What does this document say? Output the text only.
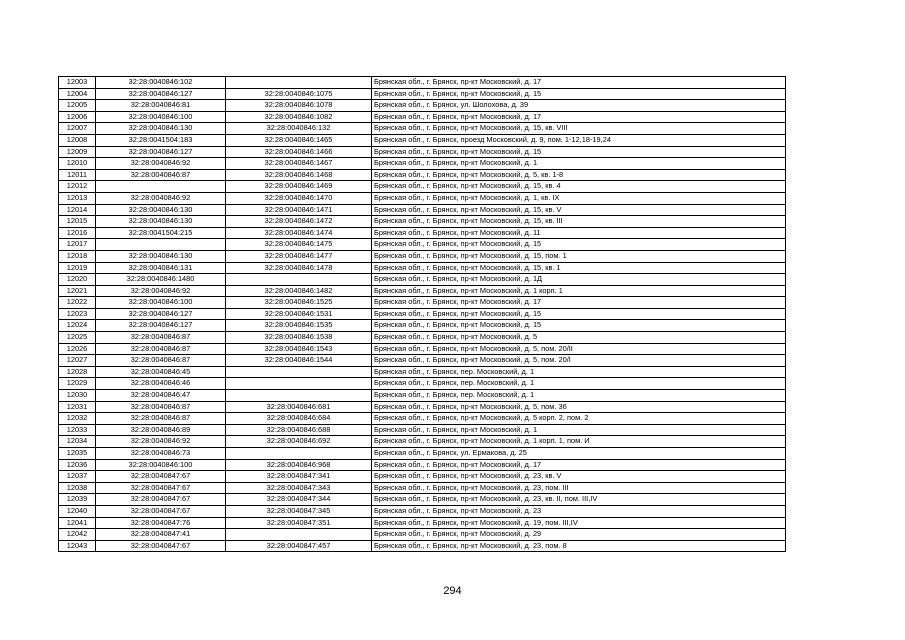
12003	32:28:0040846:102		Брянская обл., г. Брянск, пр-кт Московский, д. 17
12004	32:28:0040846:127	32:28:0040846:1075	Брянская обл., г. Брянск, пр-кт Московский, д. 15
12005	32:28:0040846:81	32:28:0040846:1078	Брянская обл., г. Брянск, ул. Шолохова, д. 39
12006	32:28:0040846:100	32:28:0040846:1082	Брянская обл., г. Брянск, пр-кт Московский, д. 17
12007	32:28:0040846:130	32:28:0040846:132	Брянская обл., г. Брянск, пр-кт Московский, д. 15, кв. VIII
12008	32:28:0041504:183	32:28:0040846:1465	Брянская обл., г. Брянск, проезд Московский, д. 9, пом. 1-12,18-19,24
12009	32:28:0040846:127	32:28:0040846:1466	Брянская обл., г. Брянск, пр-кт Московский, д. 15
12010	32:28:0040846:92	32:28:0040846:1467	Брянская обл., г. Брянск, пр-кт Московский, д. 1
12011	32:28:0040846:87	32:28:0040846:1468	Брянская обл., г. Брянск, пр-кт Московский, д. 5, кв. 1-8
12012		32:28:0040846:1469	Брянская обл., г. Брянск, пр-кт Московский, д. 15, кв. 4
12013	32:28:0040846:92	32:28:0040846:1470	Брянская обл., г. Брянск, пр-кт Московский, д. 1, кв. IX
12014	32:28:0040846:130	32:28:0040846:1471	Брянская обл., г. Брянск, пр-кт Московский, д. 15, кв. V
12015	32:28:0040846:130	32:28:0040846:1472	Брянская обл., г. Брянск, пр-кт Московский, д. 15, кв. III
12016	32:28:0041504:215	32:28:0040846:1474	Брянская обл., г. Брянск, пр-кт Московский, д. 11
12017		32:28:0040846:1475	Брянская обл., г. Брянск, пр-кт Московский, д. 15
12018	32:28:0040846:130	32:28:0040846:1477	Брянская обл., г. Брянск, пр-кт Московский, д. 15, пом. 1
12019	32:28:0040846:131	32:28:0040846:1478	Брянская обл., г. Брянск, пр-кт Московский, д. 15, кв. 1
12020	32:28:0040846:1480		Брянская обл., г. Брянск, пр-кт Московский, д. 1Д
12021	32:28:0040846:92	32:28:0040846:1482	Брянская обл., г. Брянск, пр-кт Московский, д. 1 корп. 1
12022	32:28:0040846:100	32:28:0040846:1525	Брянская обл., г. Брянск, пр-кт Московский, д. 17
12023	32:28:0040846:127	32:28:0040846:1531	Брянская обл., г. Брянск, пр-кт Московский, д. 15
12024	32:28:0040846:127	32:28:0040846:1535	Брянская обл., г. Брянск, пр-кт Московский, д. 15
12025	32:28:0040846:87	32:28:0040846:1538	Брянская обл., г. Брянск, пр-кт Московский, д. 5
12026	32:28:0040846:87	32:28:0040846:1543	Брянская обл., г. Брянск, пр-кт Московский, д. 5, пом. 20/II
12027	32:28:0040846:87	32:28:0040846:1544	Брянская обл., г. Брянск, пр-кт Московский, д. 5, пом. 20/I
12028	32:28:0040846:45		Брянская обл., г. Брянск, пер. Московский, д. 1
12029	32:28:0040846:46		Брянская обл., г. Брянск, пер. Московский, д. 1
12030	32:28:0040846:47		Брянская обл., г. Брянск, пер. Московский, д. 1
12031	32:28:0040846:87	32:28:0040846:681	Брянская обл., г. Брянск, пр-кт Московский, д. 5, пом. 36
12032	32:28:0040846:87	32:28:0040846:684	Брянская обл., г. Брянск, пр-кт Московский, д. 5 корп. 2, пом. 2
12033	32:28:0040846:89	32:28:0040846:688	Брянская обл., г. Брянск, пр-кт Московский, д. 1
12034	32:28:0040846:92	32:28:0040846:692	Брянская обл., г. Брянск, пр-кт Московский, д. 1 корп. 1, пом. И
12035	32:28:0040846:73		Брянская обл., г. Брянск, ул. Ермакова, д. 25
12036	32:28:0040846:100	32:28:0040846:968	Брянская обл., г. Брянск, пр-кт Московский, д. 17
12037	32:28:0040847:67	32:28:0040847:341	Брянская обл., г. Брянск, пр-кт Московский, д. 23, кв. V
12038	32:28:0040847:67	32:28:0040847:343	Брянская обл., г. Брянск, пр-кт Московский, д. 23, пом. III
12039	32:28:0040847:67	32:28:0040847:344	Брянская обл., г. Брянск, пр-кт Московский, д. 23, кв. II, пом. III,IV
12040	32:28:0040847:67	32:28:0040847:345	Брянская обл., г. Брянск, пр-кт Московский, д. 23
12041	32:28:0040847:76	32:28:0040847:351	Брянская обл., г. Брянск, пр-кт Московский, д. 19, пом. III,IV
12042	32:28:0040847:41		Брянская обл., г. Брянск, пр-кт Московский, д. 29
12043	32:28:0040847:67	32:28:0040847:457	Брянская обл., г. Брянск, пр-кт Московский, д. 23, пом. 8
294
